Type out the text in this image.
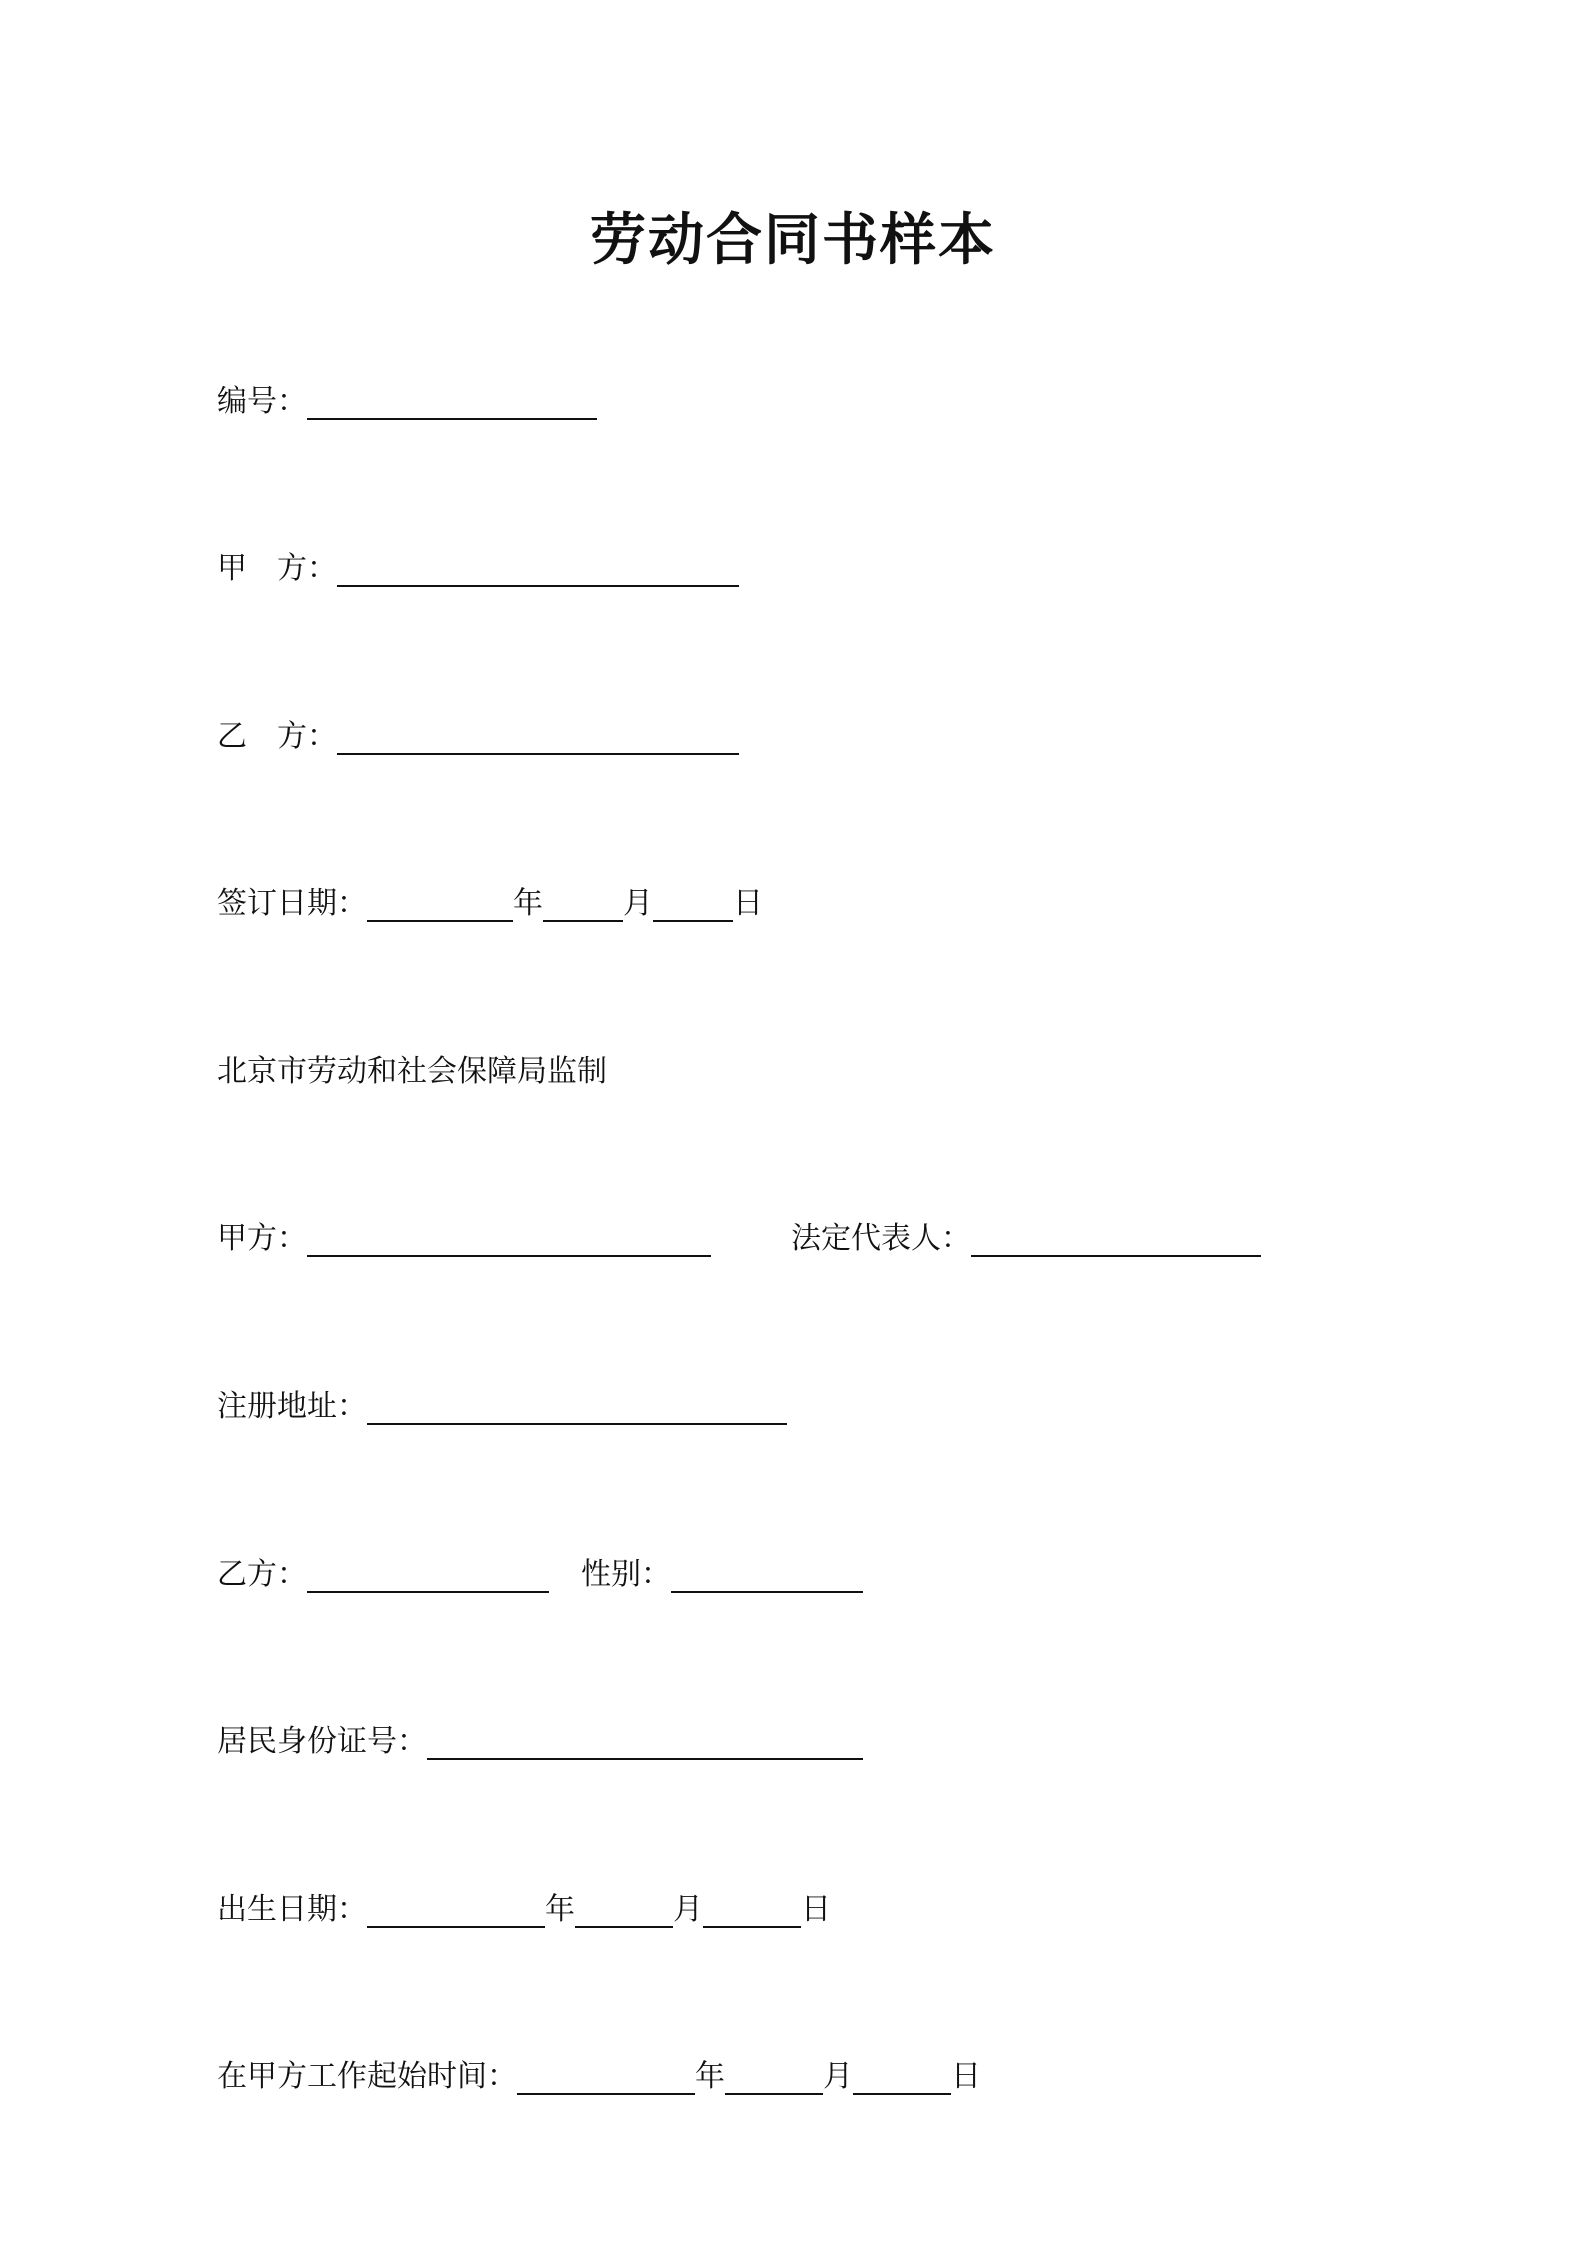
劳动合同书样本
编号：
甲　方：
乙　方：
签订日期：	年	月	日
北京市劳动和社会保障局监制
甲方：	法定代表人：
注册地址：
乙方：	性别：
居民身份证号：
出生日期：	年	月	日
在甲方工作起始时间：	年	月	日
